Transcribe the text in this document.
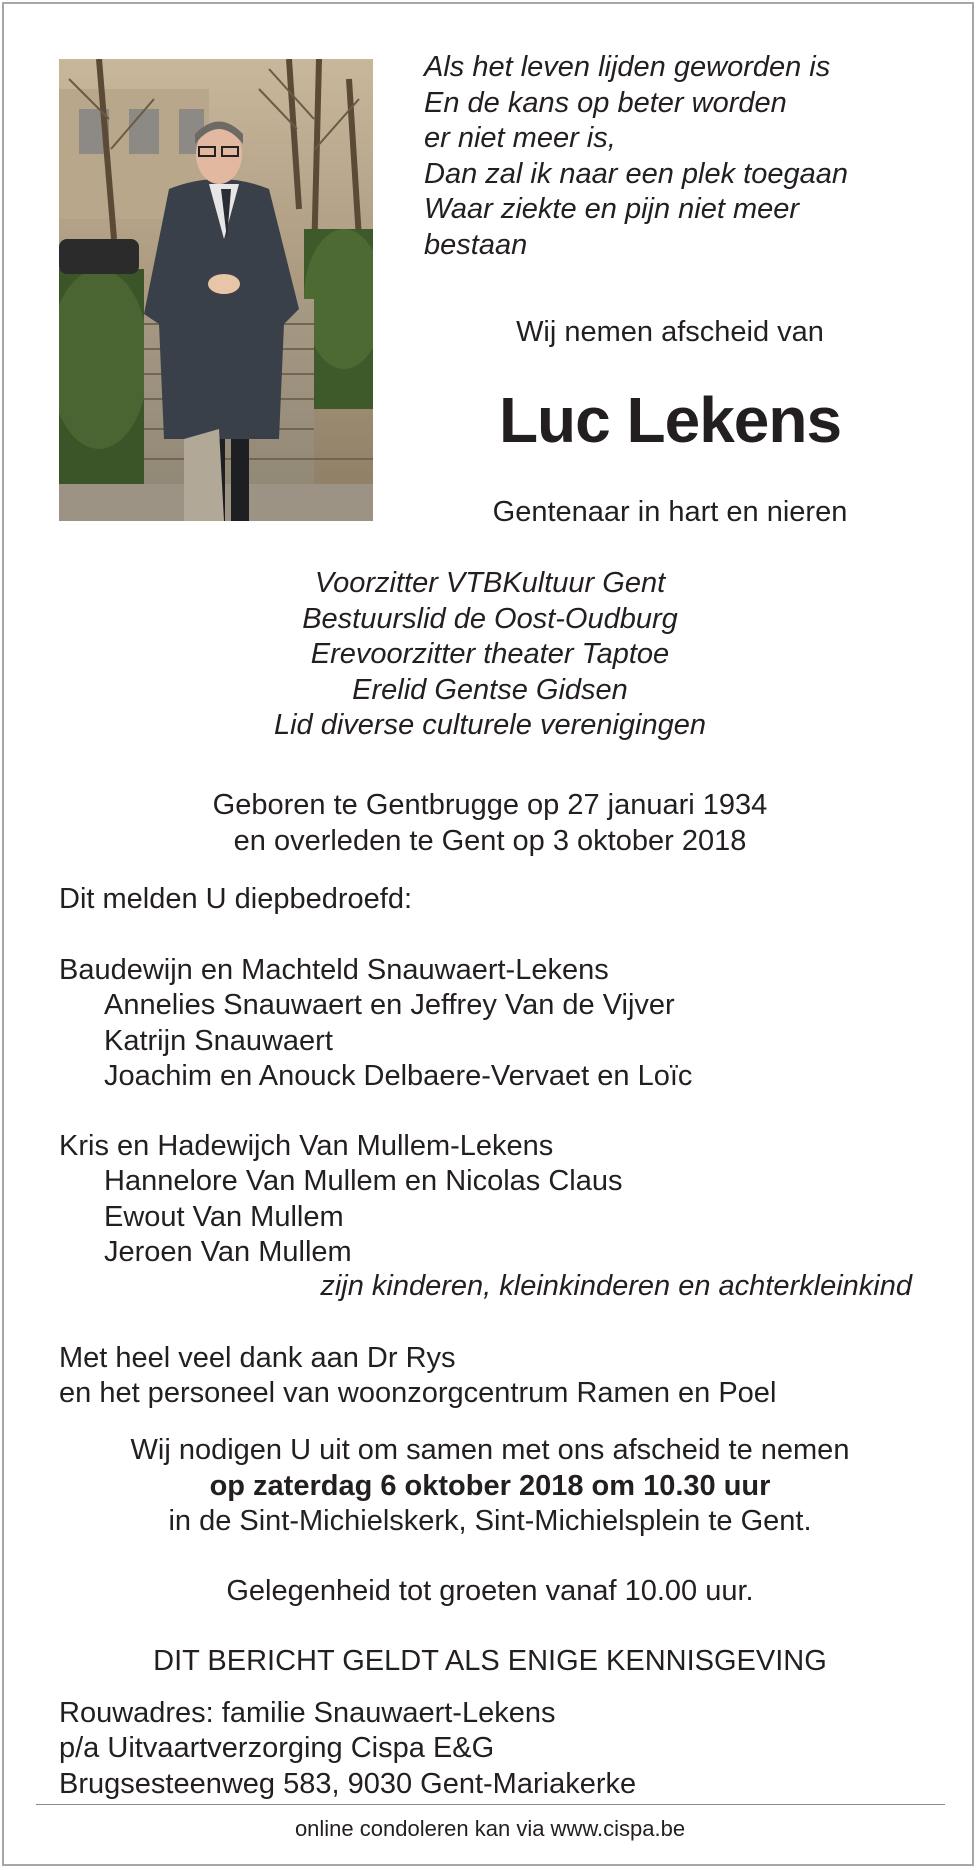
Als het leven lijden geworden is
En de kans op beter worden
er niet meer is,
Dan zal ik naar een plek toegaan
Waar ziekte en pijn niet meer
bestaan
Wij nemen afscheid van
Luc Lekens
Gentenaar in hart en nieren
Voorzitter VTBKultuur Gent
Bestuurslid de Oost-Oudburg
Erevoorzitter theater Taptoe
Erelid Gentse Gidsen
Lid diverse culturele verenigingen
Geboren te Gentbrugge op 27 januari 1934
en overleden te Gent op 3 oktober 2018
Dit melden U diepbedroefd:
Baudewijn en Machteld Snauwaert-Lekens
Annelies Snauwaert en Jeffrey Van de Vijver
Katrijn Snauwaert
Joachim en Anouck Delbaere-Vervaet en Loïc
Kris en Hadewijch Van Mullem-Lekens
Hannelore Van Mullem en Nicolas Claus
Ewout Van Mullem
Jeroen Van Mullem
zijn kinderen, kleinkinderen en achterkleinkind
Met heel veel dank aan Dr Rys
en het personeel van woonzorgcentrum Ramen en Poel
Wij nodigen U uit om samen met ons afscheid te nemen
op zaterdag 6 oktober 2018 om 10.30 uur
in de Sint-Michielskerk, Sint-Michielsplein te Gent.
Gelegenheid tot groeten vanaf 10.00 uur.
DIT BERICHT GELDT ALS ENIGE KENNISGEVING
Rouwadres: familie Snauwaert-Lekens
p/a Uitvaartverzorging Cispa E&G
Brugsesteenweg 583, 9030 Gent-Mariakerke
online condoleren kan via www.cispa.be
